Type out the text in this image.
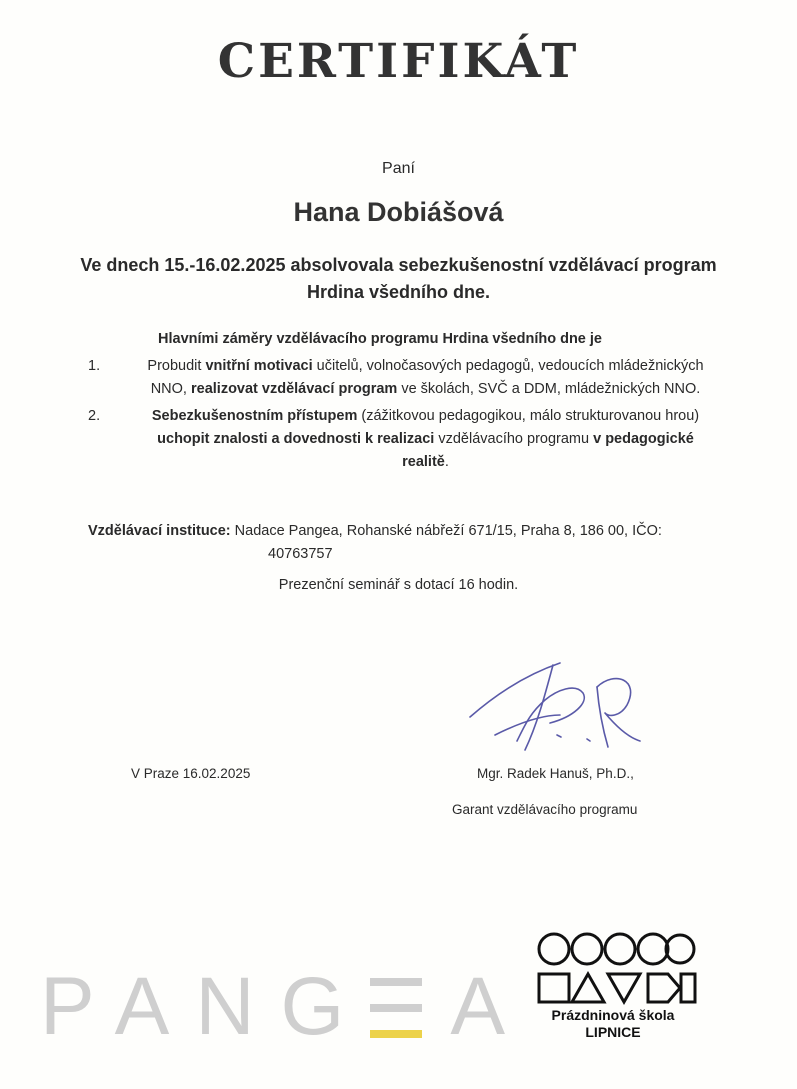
CERTIFIKÁT
Paní
Hana Dobiášová
Ve dnech 15.-16.02.2025 absolvovala sebezkušenostní vzdělávací program
Hrdina všedního dne.
Hlavními záměry vzdělávacího programu Hrdina všedního dne je
1.	Probudit vnitřní motivaci učitelů, volnočasových pedagogů, vedoucích mládežnických
NNO, realizovat vzdělávací program ve školách, SVČ a DDM, mládežnických NNO.
2.	Sebezkušenostním přístupem (zážitkovou pedagogikou, málo strukturovanou hrou)
uchopit znalosti a dovednosti k realizaci vzdělávacího programu v pedagogické
realitě.
Vzdělávací instituce: Nadace Pangea, Rohanské nábřeží 671/15, Praha 8, 186 00, IČO:
40763757
Prezenční seminář s dotací 16 hodin.
V Praze 16.02.2025	Mgr. Radek Hanuš, Ph.D.,
Garant vzdělávacího programu
PANG A	Prázdninová škola
LIPNICE
